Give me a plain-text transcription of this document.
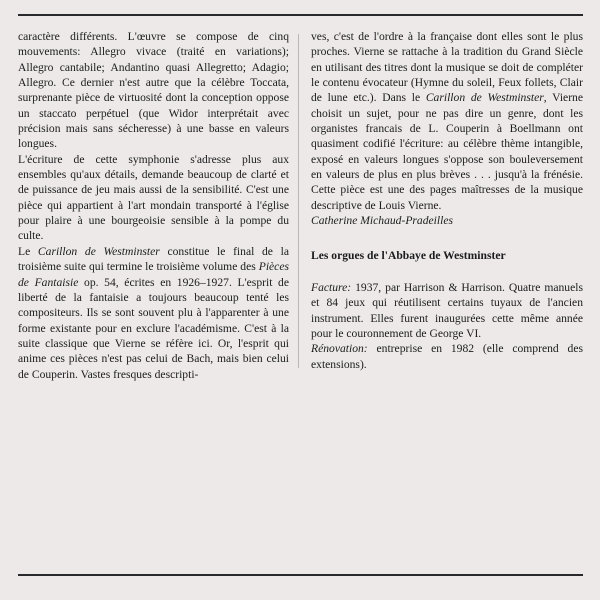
caractère différents. L'œuvre se compose de cinq mouvements: Allegro vivace (traité en variations); Allegro cantabile; Andantino quasi Allegretto; Adagio; Allegro. Ce dernier n'est autre que la célèbre Toccata, surprenante pièce de virtuosité dont la conception oppose un staccato perpétuel (que Widor interprétait avec précision mais sans sécheresse) à une basse en valeurs longues.

L'écriture de cette symphonie s'adresse plus aux ensembles qu'aux détails, demande beaucoup de clarté et de puissance de jeu mais aussi de la sensibilité. C'est une pièce qui appartient à l'art mondain transporté à l'église pour plaire à une bourgeoisie sensible à la pompe du culte.

Le Carillon de Westminster constitue le final de la troisième suite qui termine le troisième volume des Pièces de Fantaisie op. 54, écrites en 1926–1927. L'esprit de liberté de la fantaisie a toujours beaucoup tenté les compositeurs. Ils se sont souvent plu à l'apparenter à une forme existante pour en exclure l'académisme. C'est à la suite classique que Vierne se réfère ici. Or, l'esprit qui anime ces pièces n'est pas celui de Bach, mais bien celui de Couperin. Vastes fresques descripti-

ves, c'est de l'ordre à la française dont elles sont le plus proches. Vierne se rattache à la tradition du Grand Siècle en utilisant des titres dont la musique se doit de compléter le contenu évocateur (Hymne du soleil, Feux follets, Clair de lune etc.). Dans le Carillon de Westminster, Vierne choisit un sujet, pour ne pas dire un genre, dont les organistes francais de L. Couperin à Boellmann ont quasiment codifié l'écriture: au célèbre thème intangible, exposé en valeurs longues s'oppose son bouleversement en valeurs de plus en plus brèves . . . jusqu'à la frénésie. Cette pièce est une des pages maîtresses de la musique descriptive de Louis Vierne.

Catherine Michaud-Pradeilles

Les orgues de l'Abbaye de Westminster

Facture: 1937, par Harrison & Harrison. Quatre manuels et 84 jeux qui réutilisent certains tuyaux de l'ancien instrument. Elles furent inaugurées cette même année pour le couronnement de George VI.

Rénovation: entreprise en 1982 (elle comprend des extensions).
